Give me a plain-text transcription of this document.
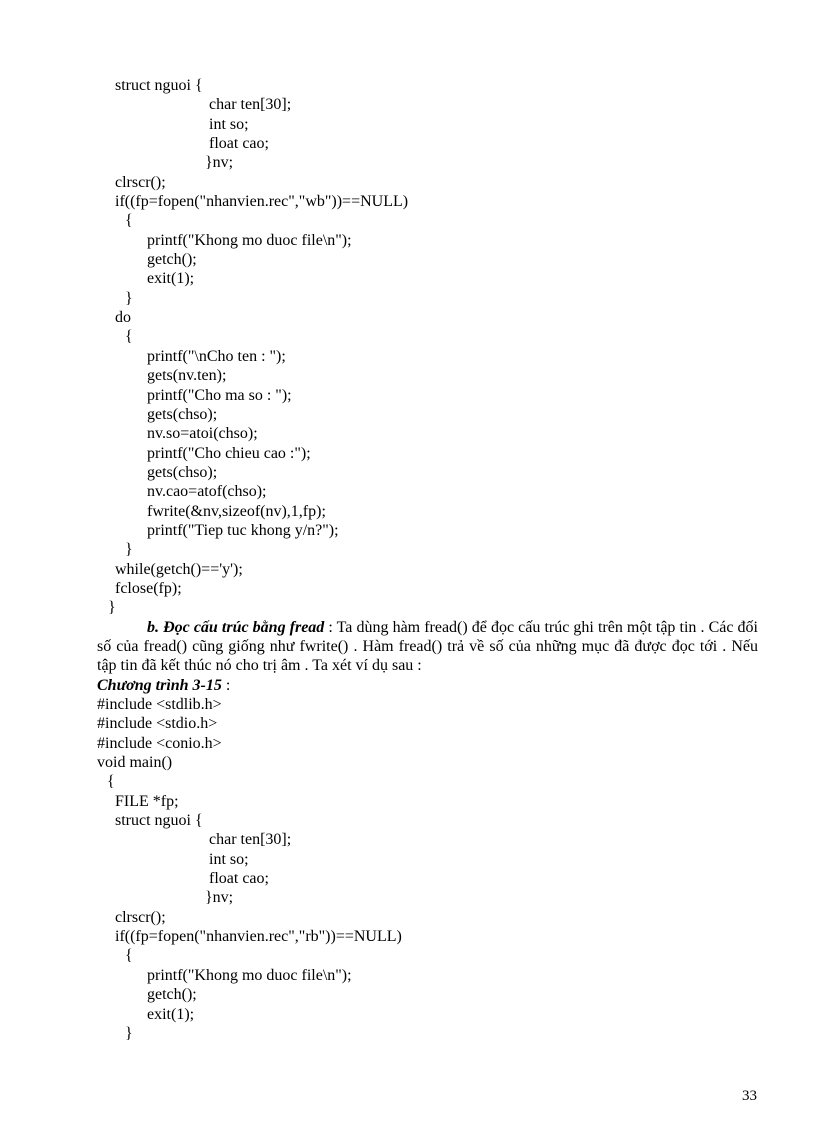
struct nguoi {
char ten[30];
int so;
float cao;
}nv;
clrscr();
if((fp=fopen("nhanvien.rec","wb"))==NULL)
{
printf("Khong mo duoc file\n");
getch();
exit(1);
}
do
{
printf("\nCho ten : ");
gets(nv.ten);
printf("Cho ma so : ");
gets(chso);
nv.so=atoi(chso);
printf("Cho chieu cao :");
gets(chso);
nv.cao=atof(chso);
fwrite(&nv,sizeof(nv),1,fp);
printf("Tiep tuc khong y/n?");
}
while(getch()=='y');
fclose(fp);
}
b. Đọc cấu trúc bằng fread : Ta dùng hàm fread() để đọc cấu trúc ghi trên một tập tin . Các đối số của fread() cũng giống như fwrite() . Hàm fread() trả về số của những mục đã được đọc tới . Nếu tập tin đã kết thúc nó cho trị âm . Ta xét ví dụ sau :
Chương trình 3-15 :
#include <stdlib.h>
#include <stdio.h>
#include <conio.h>
void main()
{
FILE *fp;
struct nguoi {
char ten[30];
int so;
float cao;
}nv;
clrscr();
if((fp=fopen("nhanvien.rec","rb"))==NULL)
{
printf("Khong mo duoc file\n");
getch();
exit(1);
}
33
